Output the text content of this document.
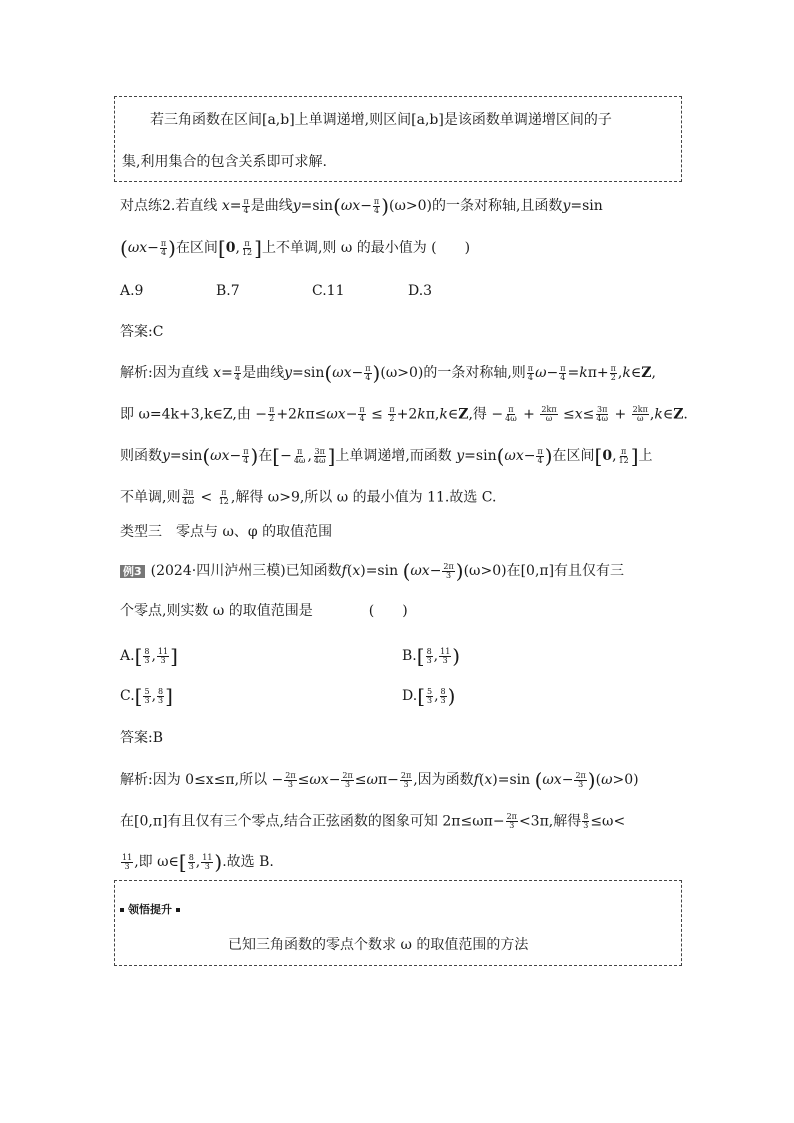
若三角函数在区间[a,b]上单调递增,则区间[a,b]是该函数单调递增区间的子
集,利用集合的包含关系即可求解.
对点练2.若直线 $x= \frac{\pi}{4}$ 是曲线$y=\sin(\omega x- \frac{\pi}{4} )(\omega>0)$的一条对称轴,且函数y=sin
($\omega x- \frac{\pi}{4}$ )在区间[0, $\frac{\pi}{12}$ ]上不单调,则 ω 的最小值为 (　　)
A.9	B.7	C.11	D.3
答案:C
解析:因为直线 $x= \frac{\pi}{4}$ 是曲线$y=\sin(\omega x- \frac{\pi}{4} )(\omega>0)$的一条对称轴,则 $\frac{\pi}{4} \omega- \frac{\pi}{4} =k\pi+ \frac{\pi}{2}$ ,k∈Z,
即 ω=4k+3,k∈Z,由 − $\frac{\pi}{2} +2k\pi\le\omega x- \frac{\pi}{4} \le \frac{\pi}{2}$ +2kπ,k∈Z,得 − $\frac{\pi}{4\omega} + \frac{2k\pi}{\omega} \le x\le \frac{3\pi}{4\omega} + \frac{2k\pi}{\omega}$ ,k∈Z.
则函数$y=\sin(\omega x- \frac{\pi}{4}$ )在[− $\frac{\pi}{4\omega}$ , $\frac{3\pi}{4\omega}$ ]上单调递增,而函数 $y=\sin(\omega x- \frac{\pi}{4}$ )在区间[0, $\frac{\pi}{12}$ ]上
不单调,则 $\frac{3\pi}{4\omega} < \frac{\pi}{12}$ ,解得 ω>9,所以 ω 的最小值为 11.故选 C.
类型三　零点与 ω、φ 的取值范围
例3 (2024·四川泸州三模)已知函数f(x)=sin $(\omega x- \frac{2\pi}{3} )(\omega>0)$在[0,π]有且仅有三
个零点,则实数 ω 的取值范围是　　　　(　　)
$A.[ \frac{8}{3}$ , $\frac{11}{3}$ ]	$B.[ \frac{8}{3}$ , $\frac{11}{3}$ )
$C.[ \frac{5}{3}$ , $\frac{8}{3}$ ]	$D.[ \frac{5}{3}$ , $\frac{8}{3}$ )
答案:B
解析:因为 0≤x≤π,所以 − $\frac{2\pi}{3} \le\omega x- \frac{2\pi}{3} \le\omega\pi- \frac{2\pi}{3}$ ,因为函数f(x)=sin $(\omega x- \frac{2\pi}{3} )(\omega>0)$
在[0,π]有且仅有三个零点,结合正弦函数的图象可知 $2\pi\le\omega\pi- \frac{2\pi}{3} <3\pi$,解得 $\frac{8}{3} \le\omega<$
$\frac{11}{3}$ ,即 ω∈[ $\frac{8}{3}$ , $\frac{11}{3}$ ).故选 B.
领悟提升
已知三角函数的零点个数求 ω 的取值范围的方法
